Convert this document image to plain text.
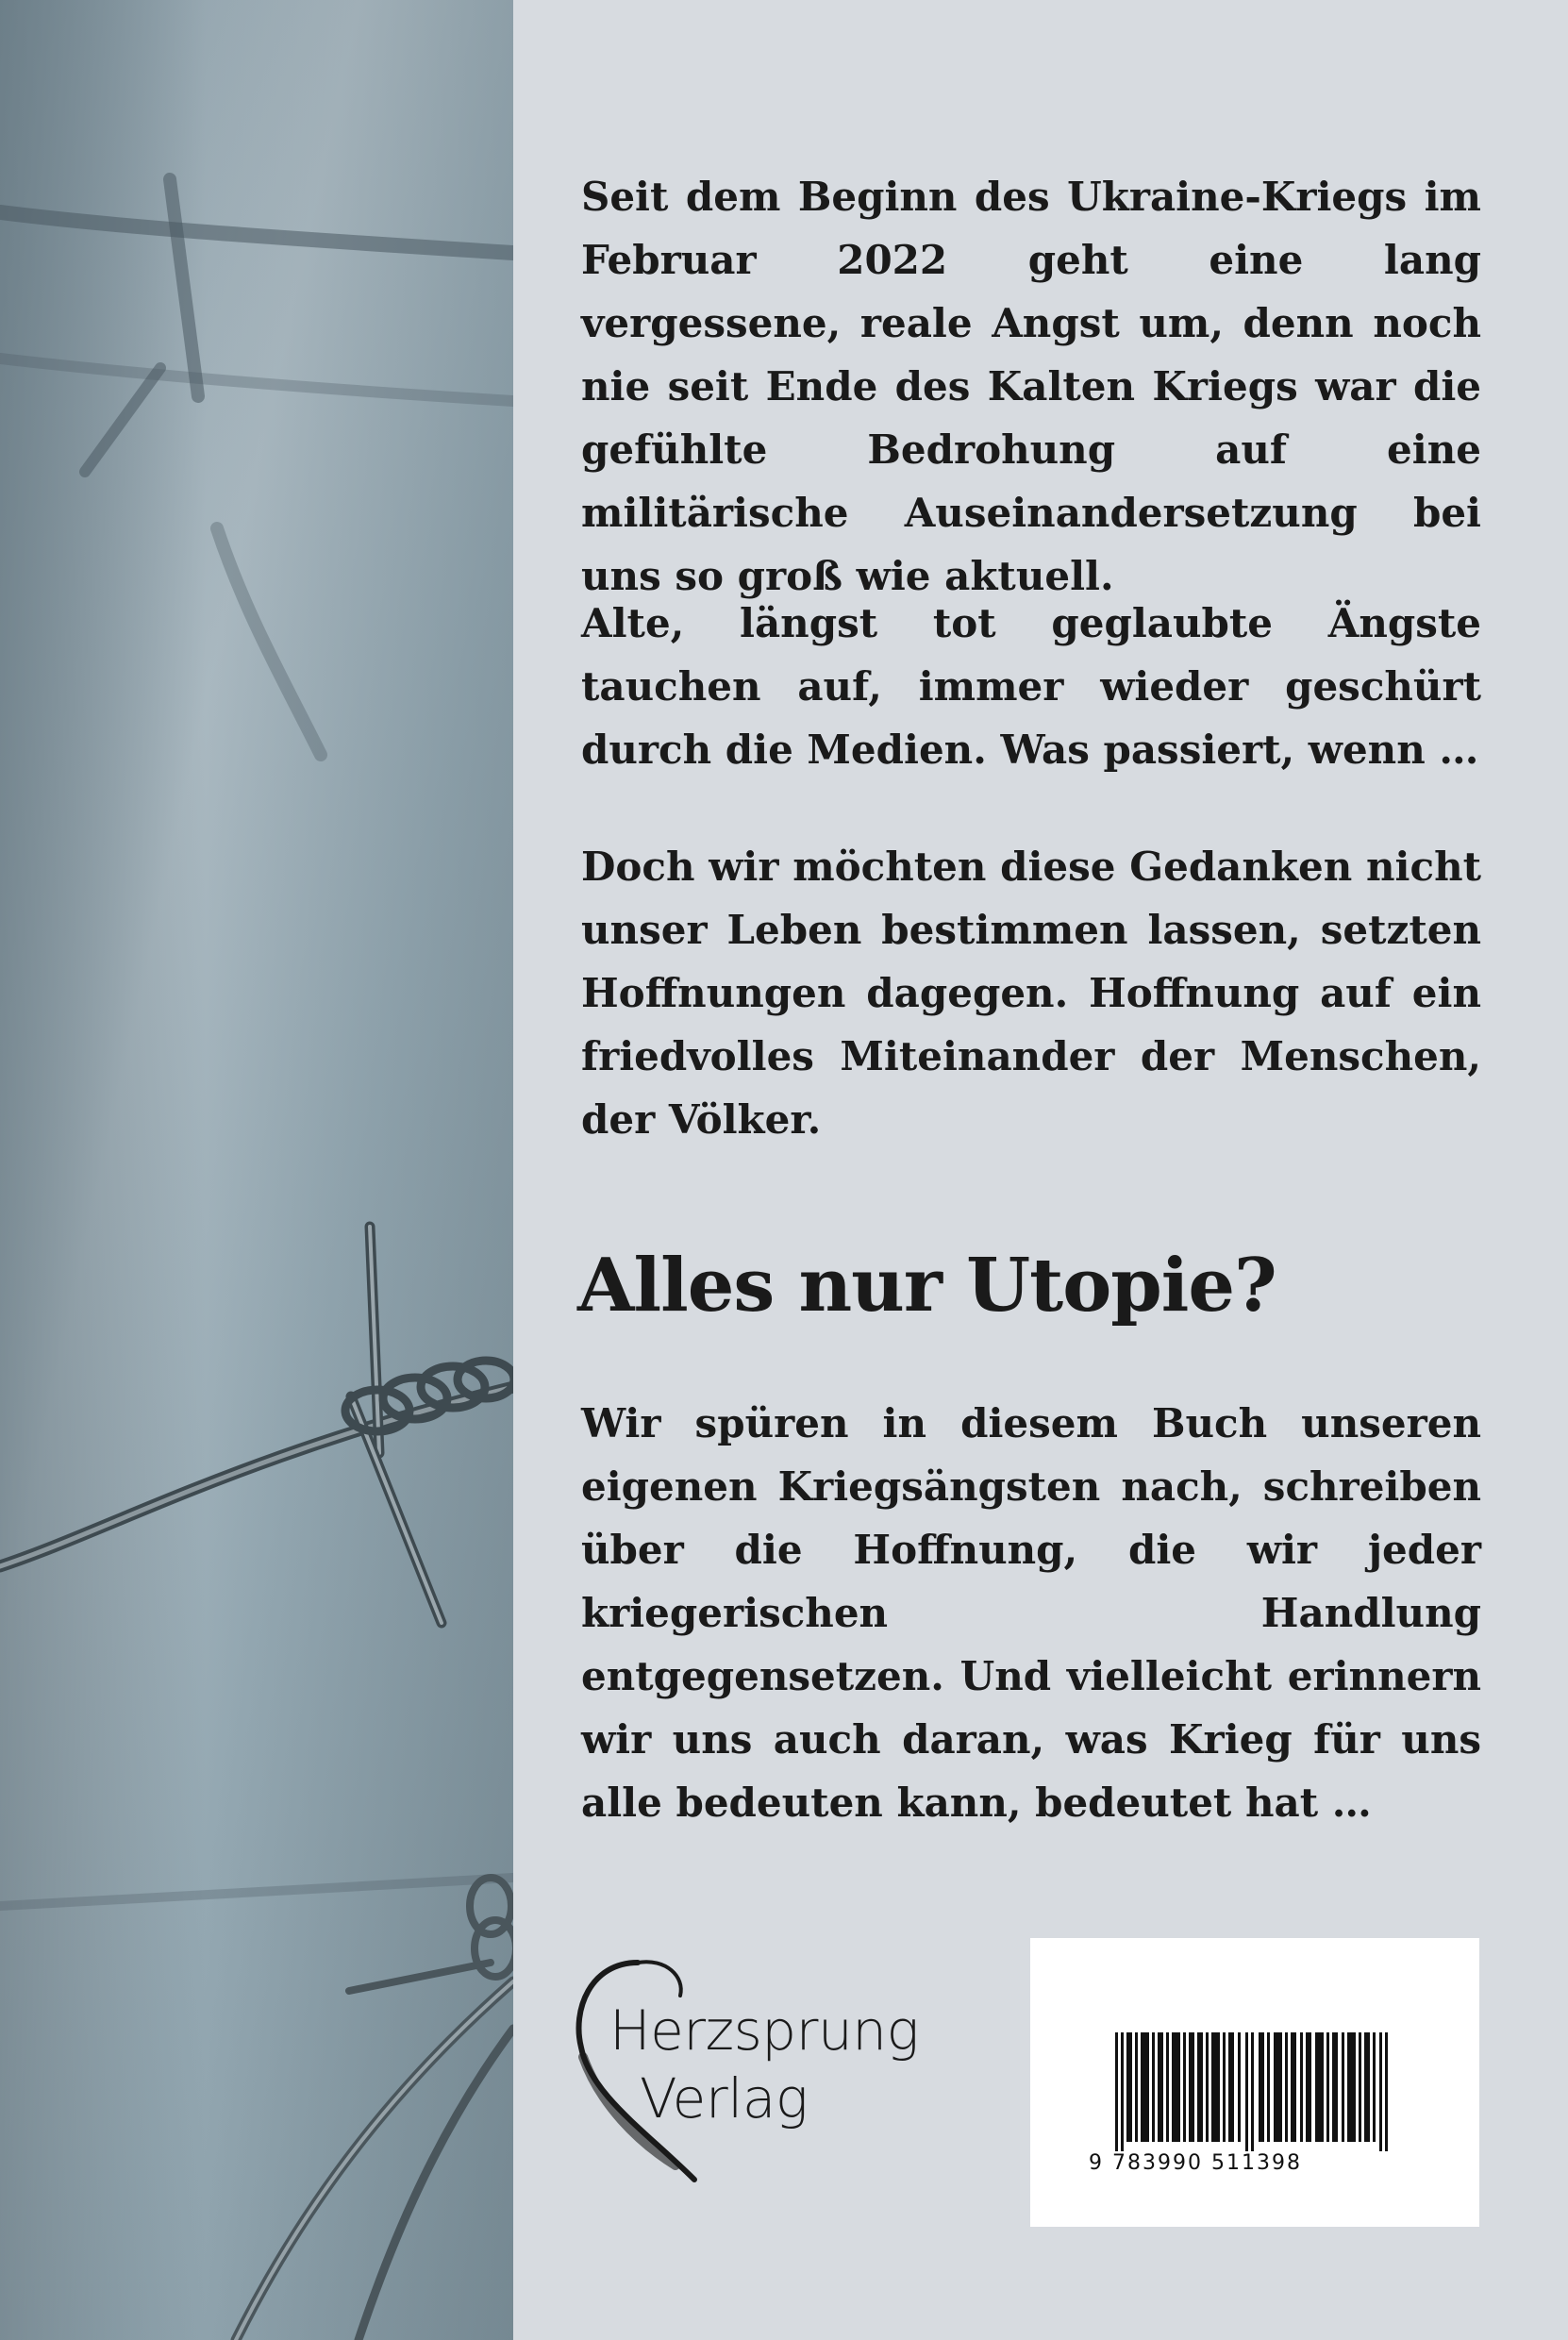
Seit dem Beginn des Ukraine-Kriegs im Februar 2022 geht eine lang vergessene, reale Angst um, denn noch nie seit Ende des Kalten Kriegs war die gefühlte Bedrohung auf eine militärische Auseinandersetzung bei uns so groß wie aktuell.

Alte, längst tot geglaubte Ängste tauchen auf, immer wieder geschürt durch die Medien. Was passiert, wenn …

Doch wir möchten diese Gedanken nicht unser Leben bestimmen lassen, setzten Hoffnungen dagegen. Hoffnung auf ein friedvolles Miteinander der Menschen, der Völker.

Alles nur Utopie?

Wir spüren in diesem Buch unseren eigenen Kriegsängsten nach, schreiben über die Hoffnung, die wir jeder kriegerischen Handlung entgegensetzen. Und vielleicht erinnern wir uns auch daran, was Krieg für uns alle bedeuten kann, bedeutet hat …

Herzsprung
Verlag
9 783990 511398
